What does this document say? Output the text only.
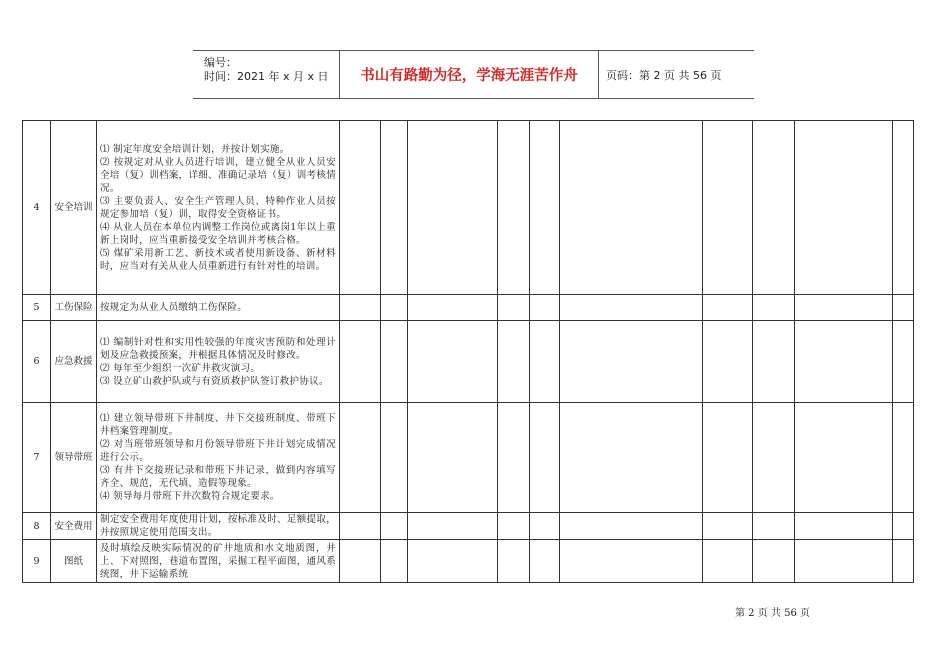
编号：
时间：2021 年 x 月 x 日 书山有路勤为径，学海无涯苦作舟	页码：第 2 页 共 56 页
4	安全培训	⑴ 制定年度安全培训计划，并按计划实施。
⑵ 按规定对从业人员进行培训，建立健全从业人员安全培（复）训档案，详细、准确记录培（复）训考核情况。
⑶ 主要负责人、安全生产管理人员、特种作业人员按规定参加培（复）训，取得安全资格证书。
⑷ 从业人员在本单位内调整工作岗位或离岗1年以上重新上岗时，应当重新接受安全培训并考核合格。
⑸ 煤矿采用新工艺、新技术或者使用新设备、新材料时，应当对有关从业人员重新进行有针对性的培训。										

5	工伤保险	按规定为从业人员缴纳工伤保险。										

6	应急救援	⑴ 编制针对性和实用性较强的年度灾害预防和处理计划及应急救援预案，并根据具体情况及时修改。
⑵ 每年至少组织一次矿井救灾演习。
⑶ 设立矿山救护队或与有资质救护队签订救护协议。										

7	领导带班	⑴ 建立领导带班下井制度、井下交接班制度、带班下井档案管理制度。
⑵ 对当班带班领导和月份领导带班下井计划完成情况进行公示。
⑶ 有井下交接班记录和带班下井记录，做到内容填写齐全、规范，无代填、造假等现象。
⑷ 领导每月带班下井次数符合规定要求。										

8	安全费用	制定安全费用年度使用计划，按标准及时、足额提取，并按照规定使用范围支出。										

9	图纸	及时填绘反映实际情况的矿井地质和水文地质图，井上、下对照图，巷道布置图，采掘工程平面图，通风系统图，井下运输系统										

第 2 页 共 56 页
